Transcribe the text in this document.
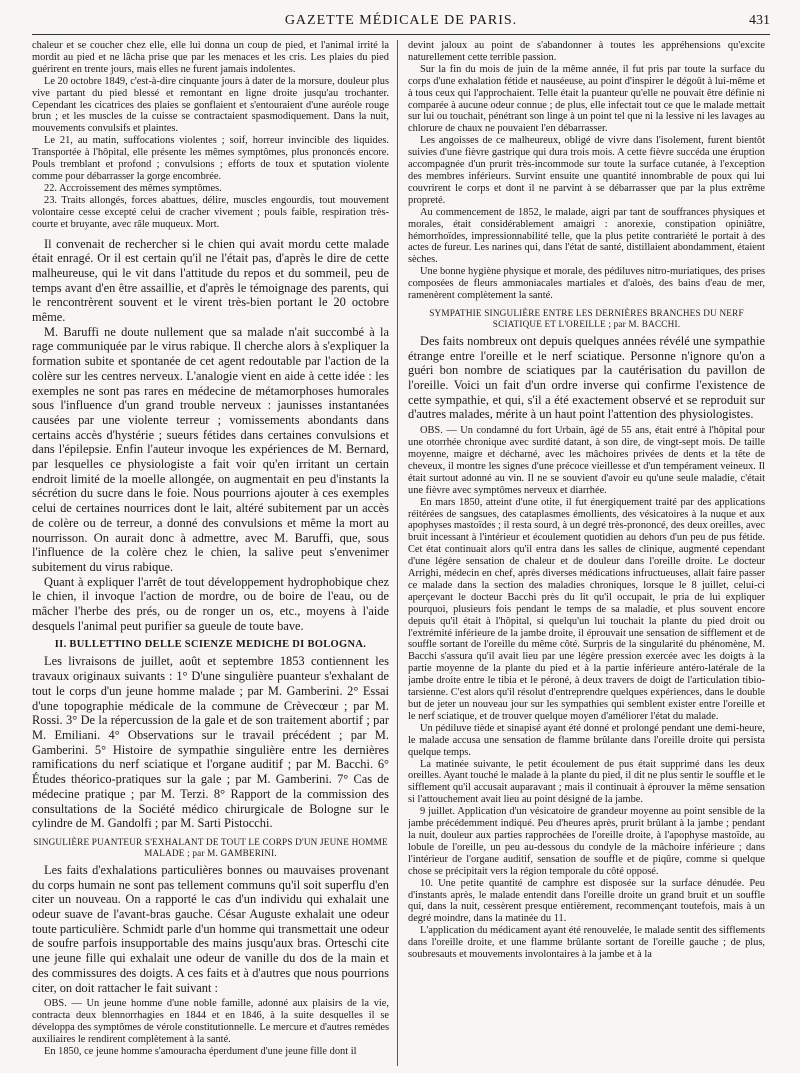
GAZETTE MÉDICALE DE PARIS.	431

chaleur et se coucher chez elle, elle lui donna un coup de pied, et l'animal irrité la mordit au pied et ne lâcha prise que par les menaces et les cris. Les plaies du pied guérirent en trente jours, mais elles ne furent jamais indolentes.

Le 20 octobre 1849, c'est-à-dire cinquante jours à dater de la morsure, douleur plus vive partant du pied blessé et remontant en ligne droite jusqu'au trochanter. Cependant les cicatrices des plaies se gonflaient et s'entouraient d'une auréole rouge brun ; et les muscles de la cuisse se contractaient spasmodiquement. Dans la nuit, mouvements convulsifs et plaintes.

Le 21, au matin, suffocations violentes ; soif, horreur invincible des liquides. Transportée à l'hôpital, elle présente les mêmes symptômes, plus prononcés encore. Pouls tremblant et profond ; convulsions ; efforts de toux et sputation violente comme pour débarrasser la gorge encombrée.

22. Accroissement des mêmes symptômes.

23. Traits allongés, forces abattues, délire, muscles engourdis, tout mouvement volontaire cesse excepté celui de cracher vivement ; pouls faible, respiration très-courte et bruyante, avec râle muqueux. Mort.

Il convenait de rechercher si le chien qui avait mordu cette malade était enragé. Or il est certain qu'il ne l'était pas, d'après le dire de cette malheureuse, qui le vit dans l'attitude du repos et du sommeil, peu de temps avant d'en être assaillie, et d'après le témoignage des parents, qui le rencontrèrent souvent et le virent très-bien portant le 20 octobre même.

M. Baruffi ne doute nullement que sa malade n'ait succombé à la rage communiquée par le virus rabique. Il cherche alors à s'expliquer la formation subite et spontanée de cet agent redoutable par l'action de la colère sur les centres nerveux. L'analogie vient en aide à cette idée : les exemples ne sont pas rares en médecine de métamorphoses humorales sous l'influence d'un grand trouble nerveux : jaunisses instantanées causées par une violente terreur ; vomissements abondants dans certains accès d'hystérie ; sueurs fétides dans certaines convulsions et dans l'épilepsie. Enfin l'auteur invoque les expériences de M. Bernard, par lesquelles ce physiologiste a fait voir qu'en irritant un certain endroit limité de la moelle allongée, on augmentait en peu d'instants la sécrétion du sucre dans le foie. Nous pourrions ajouter à ces exemples celui de certaines nourrices dont le lait, altéré subitement par un accès de colère ou de terreur, a donné des convulsions et même la mort au nourrisson. On aurait donc à admettre, avec M. Baruffi, que, sous l'influence de la colère chez le chien, la salive peut s'envenimer subitement du virus rabique.

Quant à expliquer l'arrêt de tout développement hydrophobique chez le chien, il invoque l'action de mordre, ou de boire de l'eau, ou de mâcher l'herbe des prés, ou de ronger un os, etc., moyens à l'aide desquels l'animal peut purifier sa gueule de toute bave.

II. BULLETTINO DELLE SCIENZE MEDICHE DI BOLOGNA.

Les livraisons de juillet, août et septembre 1853 contiennent les travaux originaux suivants : 1° D'une singulière puanteur s'exhalant de tout le corps d'un jeune homme malade ; par M. Gamberini. 2° Essai d'une topographie médicale de la commune de Crèvecœur ; par M. Rossi. 3° De la répercussion de la gale et de son traitement abortif ; par M. Emiliani. 4° Observations sur le travail précédent ; par M. Gamberini. 5° Histoire de sympathie singulière entre les dernières ramifications du nerf sciatique et l'organe auditif ; par M. Bacchi. 6° Études théorico-pratiques sur la gale ; par M. Gamberini. 7° Cas de médecine pratique ; par M. Terzi. 8° Rapport de la commission des consultations de la Société médico chirurgicale de Bologne sur le cylindre de M. Gandolfi ; par M. Sarti Pistocchi.

SINGULIÈRE PUANTEUR S'EXHALANT DE TOUT LE CORPS D'UN JEUNE HOMME MALADE ; par M. GAMBERINI.

Les faits d'exhalations particulières bonnes ou mauvaises provenant du corps humain ne sont pas tellement communs qu'il soit superflu d'en citer un nouveau. On a rapporté le cas d'un individu qui exhalait une odeur suave de l'avant-bras gauche. César Auguste exhalait une odeur toute particulière. Schmidt parle d'un homme qui transmettait une odeur de soufre parfois insupportable des mains jusqu'aux bras. Orteschi cite une jeune fille qui exhalait une odeur de vanille du dos de la main et des commissures des doigts. A ces faits et à d'autres que nous pourrions citer, on doit rattacher le fait suivant :

OBS. — Un jeune homme d'une noble famille, adonné aux plaisirs de la vie, contracta deux blennorrhagies en 1844 et en 1846, à la suite desquelles il se développa des symptômes de vérole constitutionnelle. Le mercure et d'autres remèdes auxiliaires le rendirent complètement à la santé.

En 1850, ce jeune homme s'amouracha éperdument d'une jeune fille dont il

devint jaloux au point de s'abandonner à toutes les appréhensions qu'excite naturellement cette terrible passion.

Sur la fin du mois de juin de la même année, il fut pris par toute la surface du corps d'une exhalation fétide et nauséeuse, au point d'inspirer le dégoût à lui-même et à tous ceux qui l'approchaient. Telle était la puanteur qu'elle ne pouvait être définie ni comparée à aucune odeur connue ; de plus, elle infectait tout ce que le malade mettait sur lui ou touchait, pénétrant son linge à un point tel que ni la lessive ni les lavages au chlorure de chaux ne pouvaient l'en débarrasser.

Les angoisses de ce malheureux, obligé de vivre dans l'isolement, furent bientôt suivies d'une fièvre gastrique qui dura trois mois. A cette fièvre succéda une éruption accompagnée d'un prurit très-incommode sur toute la surface cutanée, à l'exception des membres inférieurs. Survint ensuite une quantité innombrable de poux qui lui couvrirent le corps et dont il ne parvint à se débarrasser que par la plus extrême propreté.

Au commencement de 1852, le malade, aigri par tant de souffrances physiques et morales, était considérablement amaigri : anorexie, constipation opiniâtre, hémorrhoïdes, impressionnabilité telle, que la plus petite contrariété le portait à des actes de fureur. Les narines qui, dans l'état de santé, distillaient abondamment, étaient sèches.

Une bonne hygiène physique et morale, des pédiluves nitro-muriatiques, des prises composées de fleurs ammoniacales martiales et d'aloès, des bains d'eau de mer, ramenèrent complètement la santé.

SYMPATHIE SINGULIÈRE ENTRE LES DERNIÈRES BRANCHES DU NERF SCIATIQUE ET L'OREILLE ; par M. BACCHI.

Des faits nombreux ont depuis quelques années révélé une sympathie étrange entre l'oreille et le nerf sciatique. Personne n'ignore qu'on a guéri bon nombre de sciatiques par la cautérisation du pavillon de l'oreille. Voici un fait d'un ordre inverse qui confirme l'existence de cette sympathie, et qui, s'il a été exactement observé et se reproduit sur d'autres malades, mérite à un haut point l'attention des physiologistes.

OBS. — Un condamné du fort Urbain, âgé de 55 ans, était entré à l'hôpital pour une otorrhée chronique avec surdité datant, à son dire, de vingt-sept mois. De taille moyenne, maigre et décharné, avec les mâchoires privées de dents et la tête de cheveux, il montre les signes d'une précoce vieillesse et d'un tempérament veineux. Il était surtout adonné au vin. Il ne se souvient d'avoir eu qu'une seule maladie, c'était une fièvre avec symptômes nerveux et diarrhée.

En mars 1850, atteint d'une otite, il fut énergiquement traité par des applications réitérées de sangsues, des cataplasmes émollients, des vésicatoires à la nuque et aux apophyses mastoïdes ; il resta sourd, à un degré très-prononcé, des deux oreilles, avec bruit incessant à l'intérieur et écoulement quotidien au dehors d'un peu de pus fétide. Cet état continuait alors qu'il entra dans les salles de clinique, augmenté cependant d'une légère sensation de chaleur et de douleur dans l'oreille droite. Le docteur Arrighi, médecin en chef, après diverses médications infructueuses, allait faire passer ce malade dans la section des maladies chroniques, lorsque le 8 juillet, celui-ci aperçevant le docteur Bacchi près du lit qu'il occupait, le pria de lui expliquer pourquoi, plusieurs fois pendant le temps de sa maladie, et plus souvent encore depuis qu'il était à l'hôpital, si quelqu'un lui touchait la plante du pied droit ou l'extrémité inférieure de la jambe droite, il éprouvait une sensation de sifflement et de souffle sortant de l'oreille du même côté. Surpris de la singularité du phénomène, M. Bacchi s'assura qu'il avait lieu par une légère pression exercée avec les doigts à la partie moyenne de la plante du pied et à la partie inférieure antéro-latérale de la jambe droite entre le tibia et le péroné, à deux travers de doigt de l'articulation tibio-tarsienne. C'est alors qu'il résolut d'entreprendre quelques expériences, dans le double but de jeter un nouveau jour sur les sympathies qui semblent exister entre l'oreille et le nerf sciatique, et de trouver quelque moyen d'améliorer l'état du malade.

Un pédiluve tiède et sinapisé ayant été donné et prolongé pendant une demi-heure, le malade accusa une sensation de flamme brûlante dans l'oreille droite qui persista quelque temps.

La matinée suivante, le petit écoulement de pus était supprimé dans les deux oreilles. Ayant touché le malade à la plante du pied, il dit ne plus sentir le souffle et le sifflement qu'il accusait auparavant ; mais il continuait à éprouver la même sensation si l'attouchement avait lieu au point désigné de la jambe.

9 juillet. Application d'un vésicatoire de grandeur moyenne au point sensible de la jambe précédemment indiqué. Peu d'heures après, prurit brûlant à la jambe ; pendant la nuit, douleur aux parties rapprochées de l'oreille droite, à l'apophyse mastoïde, au lobule de l'oreille, un peu au-dessous du condyle de la mâchoire inférieure ; dans l'intérieur de l'organe auditif, sensation de souffle et de piqûre, comme si quelque chose se précipitait vers la région temporale du côté opposé.

10. Une petite quantité de camphre est disposée sur la surface dénudée. Peu d'instants après, le malade entendit dans l'oreille droite un grand bruit et un souffle qui, dans la nuit, cessèrent presque entièrement, recommençant toutefois, mais à un degré moindre, dans la matinée du 11.

L'application du médicament ayant été renouvelée, le malade sentit des sifflements dans l'oreille droite, et une flamme brûlante sortant de l'oreille gauche ; de plus, soubresauts et mouvements involontaires à la jambe et à la
